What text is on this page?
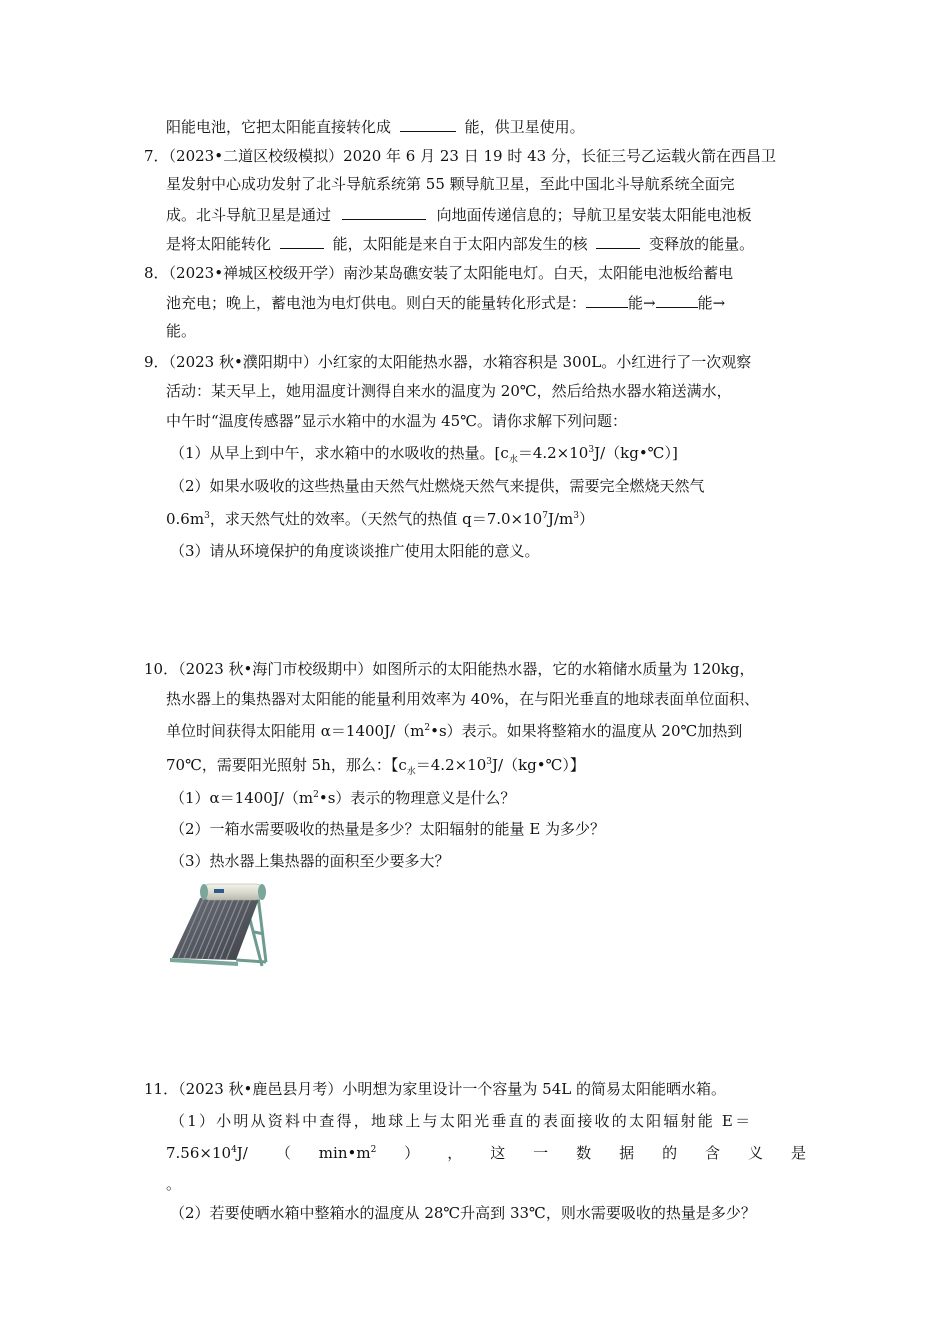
阳能电池，它把太阳能直接转化成	能，供卫星使用。
7．（2023•二道区校级模拟）2020 年 6 月 23 日 19 时 43 分，长征三号乙运载火箭在西昌卫
星发射中心成功发射了北斗导航系统第 55 颗导航卫星，至此中国北斗导航系统全面完
成。北斗导航卫星是通过	向地面传递信息的；导航卫星安装太阳能电池板
是将太阳能转化	能，太阳能是来自于太阳内部发生的核	变释放的能量。
8．（2023•禅城区校级开学）南沙某岛礁安装了太阳能电灯。白天，太阳能电池板给蓄电
池充电；晚上，蓄电池为电灯供电。则白天的能量转化形式是：	能→	能→
能。
9．（2023 秋•濮阳期中）小红家的太阳能热水器，水箱容积是 300L。小红进行了一次观察
活动：某天早上，她用温度计测得自来水的温度为 20℃，然后给热水器水箱送满水，
中午时“温度传感器”显示水箱中的水温为 45℃。请你求解下列问题：
（1）从早上到中午，求水箱中的水吸收的热量。$[c_水=4.2\times 10^3J/(kg•℃)]$
（2）如果水吸收的这些热量由天然气灶燃烧天然气来提供，需要完全燃烧天然气
$0.6m^3$，求天然气灶的效率。（天然气的热值 $q=7.0\times 10^7J/m^3$）
（3）请从环境保护的角度谈谈推广使用太阳能的意义。
10．（2023 秋•海门市校级期中）如图所示的太阳能热水器，它的水箱储水质量为 120kg，
热水器上的集热器对太阳能的能量利用效率为 40%，在与阳光垂直的地球表面单位面积、
单位时间获得太阳能用 $\alpha=1400J/(m^2•s)$表示。如果将整箱水的温度从 20℃加热到
70℃，需要阳光照射 5h，那么：【$c_水=4.2\times 10^3J/(kg•℃)$】
$(1)\alpha=1400J/(m^2•s)$表示的物理意义是什么？
（2）一箱水需要吸收的热量是多少？太阳辐射的能量 E 为多少？
（3）热水器上集热器的面积至少要多大？
11．（2023 秋•鹿邑县月考）小明想为家里设计一个容量为 54L 的简易太阳能晒水箱。
（1）小明从资料中查得，地球上与太阳光垂直的表面接收的太阳辐射能 E＝
$7.56\times 10^4J/$ （ $\min•m^2$ ） ， 这 一 数 据 的 含 义 是
。
（2）若要使晒水箱中整箱水的温度从 28℃升高到 33℃，则水需要吸收的热量是多少？
